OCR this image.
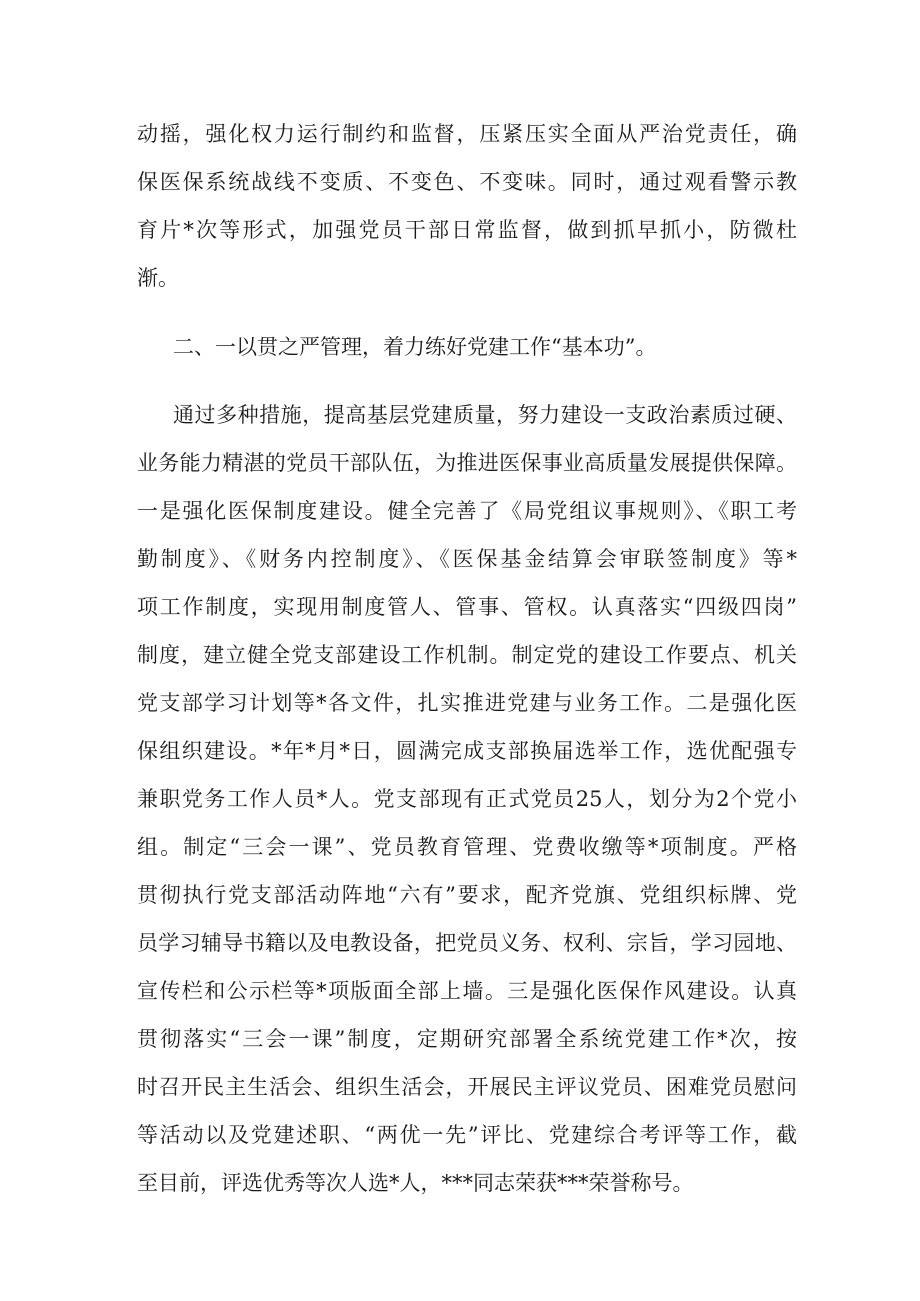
动摇，强化权力运行制约和监督，压紧压实全面从严治党责任，确
保医保系统战线不变质、不变色、不变味。同时，通过观看警示教
育片*次等形式，加强党员干部日常监督，做到抓早抓小，防微杜
渐。
二、一以贯之严管理，着力练好党建工作“基本功”。
通过多种措施，提高基层党建质量，努力建设一支政治素质过硬、
业务能力精湛的党员干部队伍，为推进医保事业高质量发展提供保障。
一是强化医保制度建设。健全完善了《局党组议事规则》、《职工考
勤制度》、《财务内控制度》、《医保基金结算会审联签制度》等*
项工作制度，实现用制度管人、管事、管权。认真落实“四级四岗”
制度，建立健全党支部建设工作机制。制定党的建设工作要点、机关
党支部学习计划等*各文件，扎实推进党建与业务工作。二是强化医
保组织建设。*年*月*日，圆满完成支部换届选举工作，选优配强专
兼职党务工作人员*人。党支部现有正式党员25人，划分为2个党小
组。制定“三会一课”、党员教育管理、党费收缴等*项制度。严格
贯彻执行党支部活动阵地“六有”要求，配齐党旗、党组织标牌、党
员学习辅导书籍以及电教设备，把党员义务、权利、宗旨，学习园地、
宣传栏和公示栏等*项版面全部上墙。三是强化医保作风建设。认真
贯彻落实“三会一课”制度，定期研究部署全系统党建工作*次，按
时召开民主生活会、组织生活会，开展民主评议党员、困难党员慰问
等活动以及党建述职、“两优一先”评比、党建综合考评等工作，截
至目前，评选优秀等次人选*人，***同志荣获***荣誉称号。
